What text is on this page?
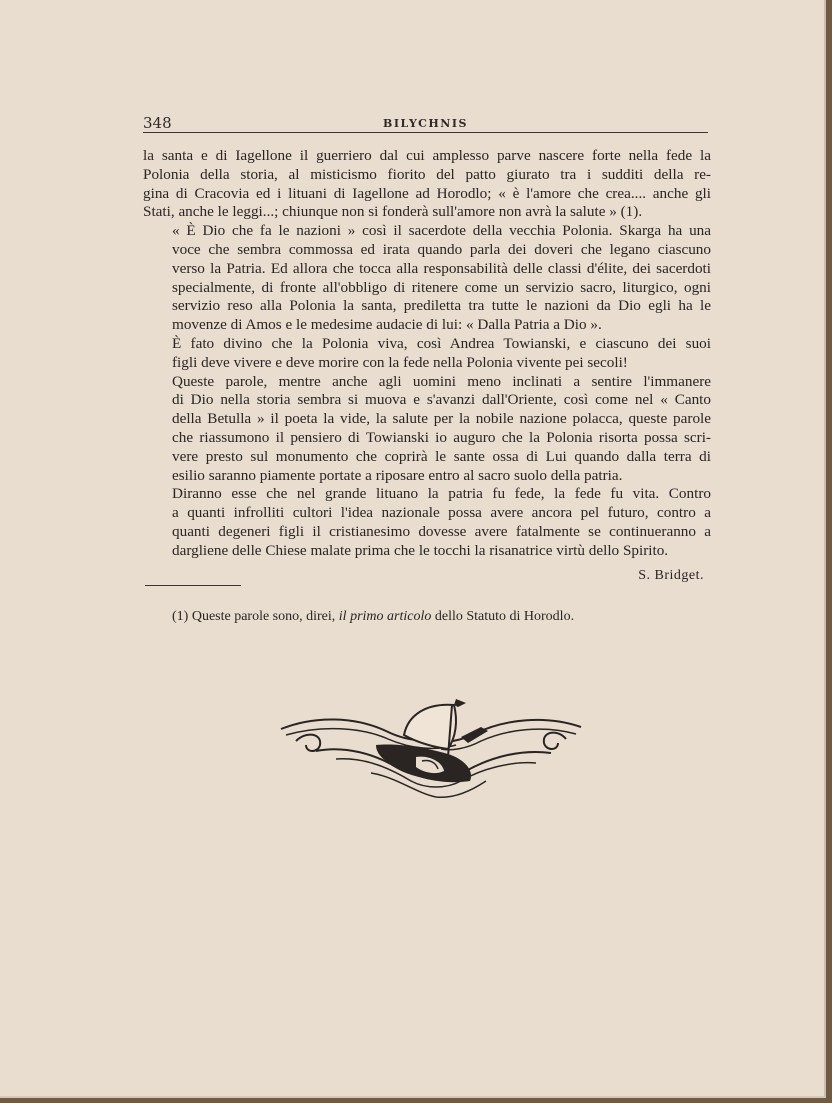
348	BILYCHNIS

la santa e di Iagellone il guerriero dal cui amplesso parve nascere forte nella fede la
Polonia della storia, al misticismo fiorito del patto giurato tra i sudditi della re-
gina di Cracovia ed i lituani di Iagellone ad Horodlo; « è l'amore che crea.... anche gli
Stati, anche le leggi...; chiunque non si fonderà sull'amore non avrà la salute » (1).

« È Dio che fa le nazioni » così il sacerdote della vecchia Polonia. Skarga ha una
voce che sembra commossa ed irata quando parla dei doveri che legano ciascuno
verso la Patria. Ed allora che tocca alla responsabilità delle classi d'élite, dei sacerdoti
specialmente, di fronte all'obbligo di ritenere come un servizio sacro, liturgico, ogni
servizio reso alla Polonia la santa, prediletta tra tutte le nazioni da Dio egli ha le
movenze di Amos e le medesime audacie di lui: « Dalla Patria a Dio ».

È fato divino che la Polonia viva, così Andrea Towianski, e ciascuno dei suoi
figli deve vivere e deve morire con la fede nella Polonia vivente pei secoli!

Queste parole, mentre anche agli uomini meno inclinati a sentire l'immanere
di Dio nella storia sembra si muova e s'avanzi dall'Oriente, così come nel « Canto
della Betulla » il poeta la vide, la salute per la nobile nazione polacca, queste parole
che riassumono il pensiero di Towianski io auguro che la Polonia risorta possa scri-
vere presto sul monumento che coprirà le sante ossa di Lui quando dalla terra di
esilio saranno piamente portate a riposare entro al sacro suolo della patria.

Diranno esse che nel grande lituano la patria fu fede, la fede fu vita. Contro
a quanti infrolliti cultori l'idea nazionale possa avere ancora pel futuro, contro a
quanti degeneri figli il cristianesimo dovesse avere fatalmente se continueranno a
dargliene delle Chiese malate prima che le tocchi la risanatrice virtù dello Spirito.

S. Bridget.
(1) Queste parole sono, direi, il primo articolo dello Statuto di Horodlo.
